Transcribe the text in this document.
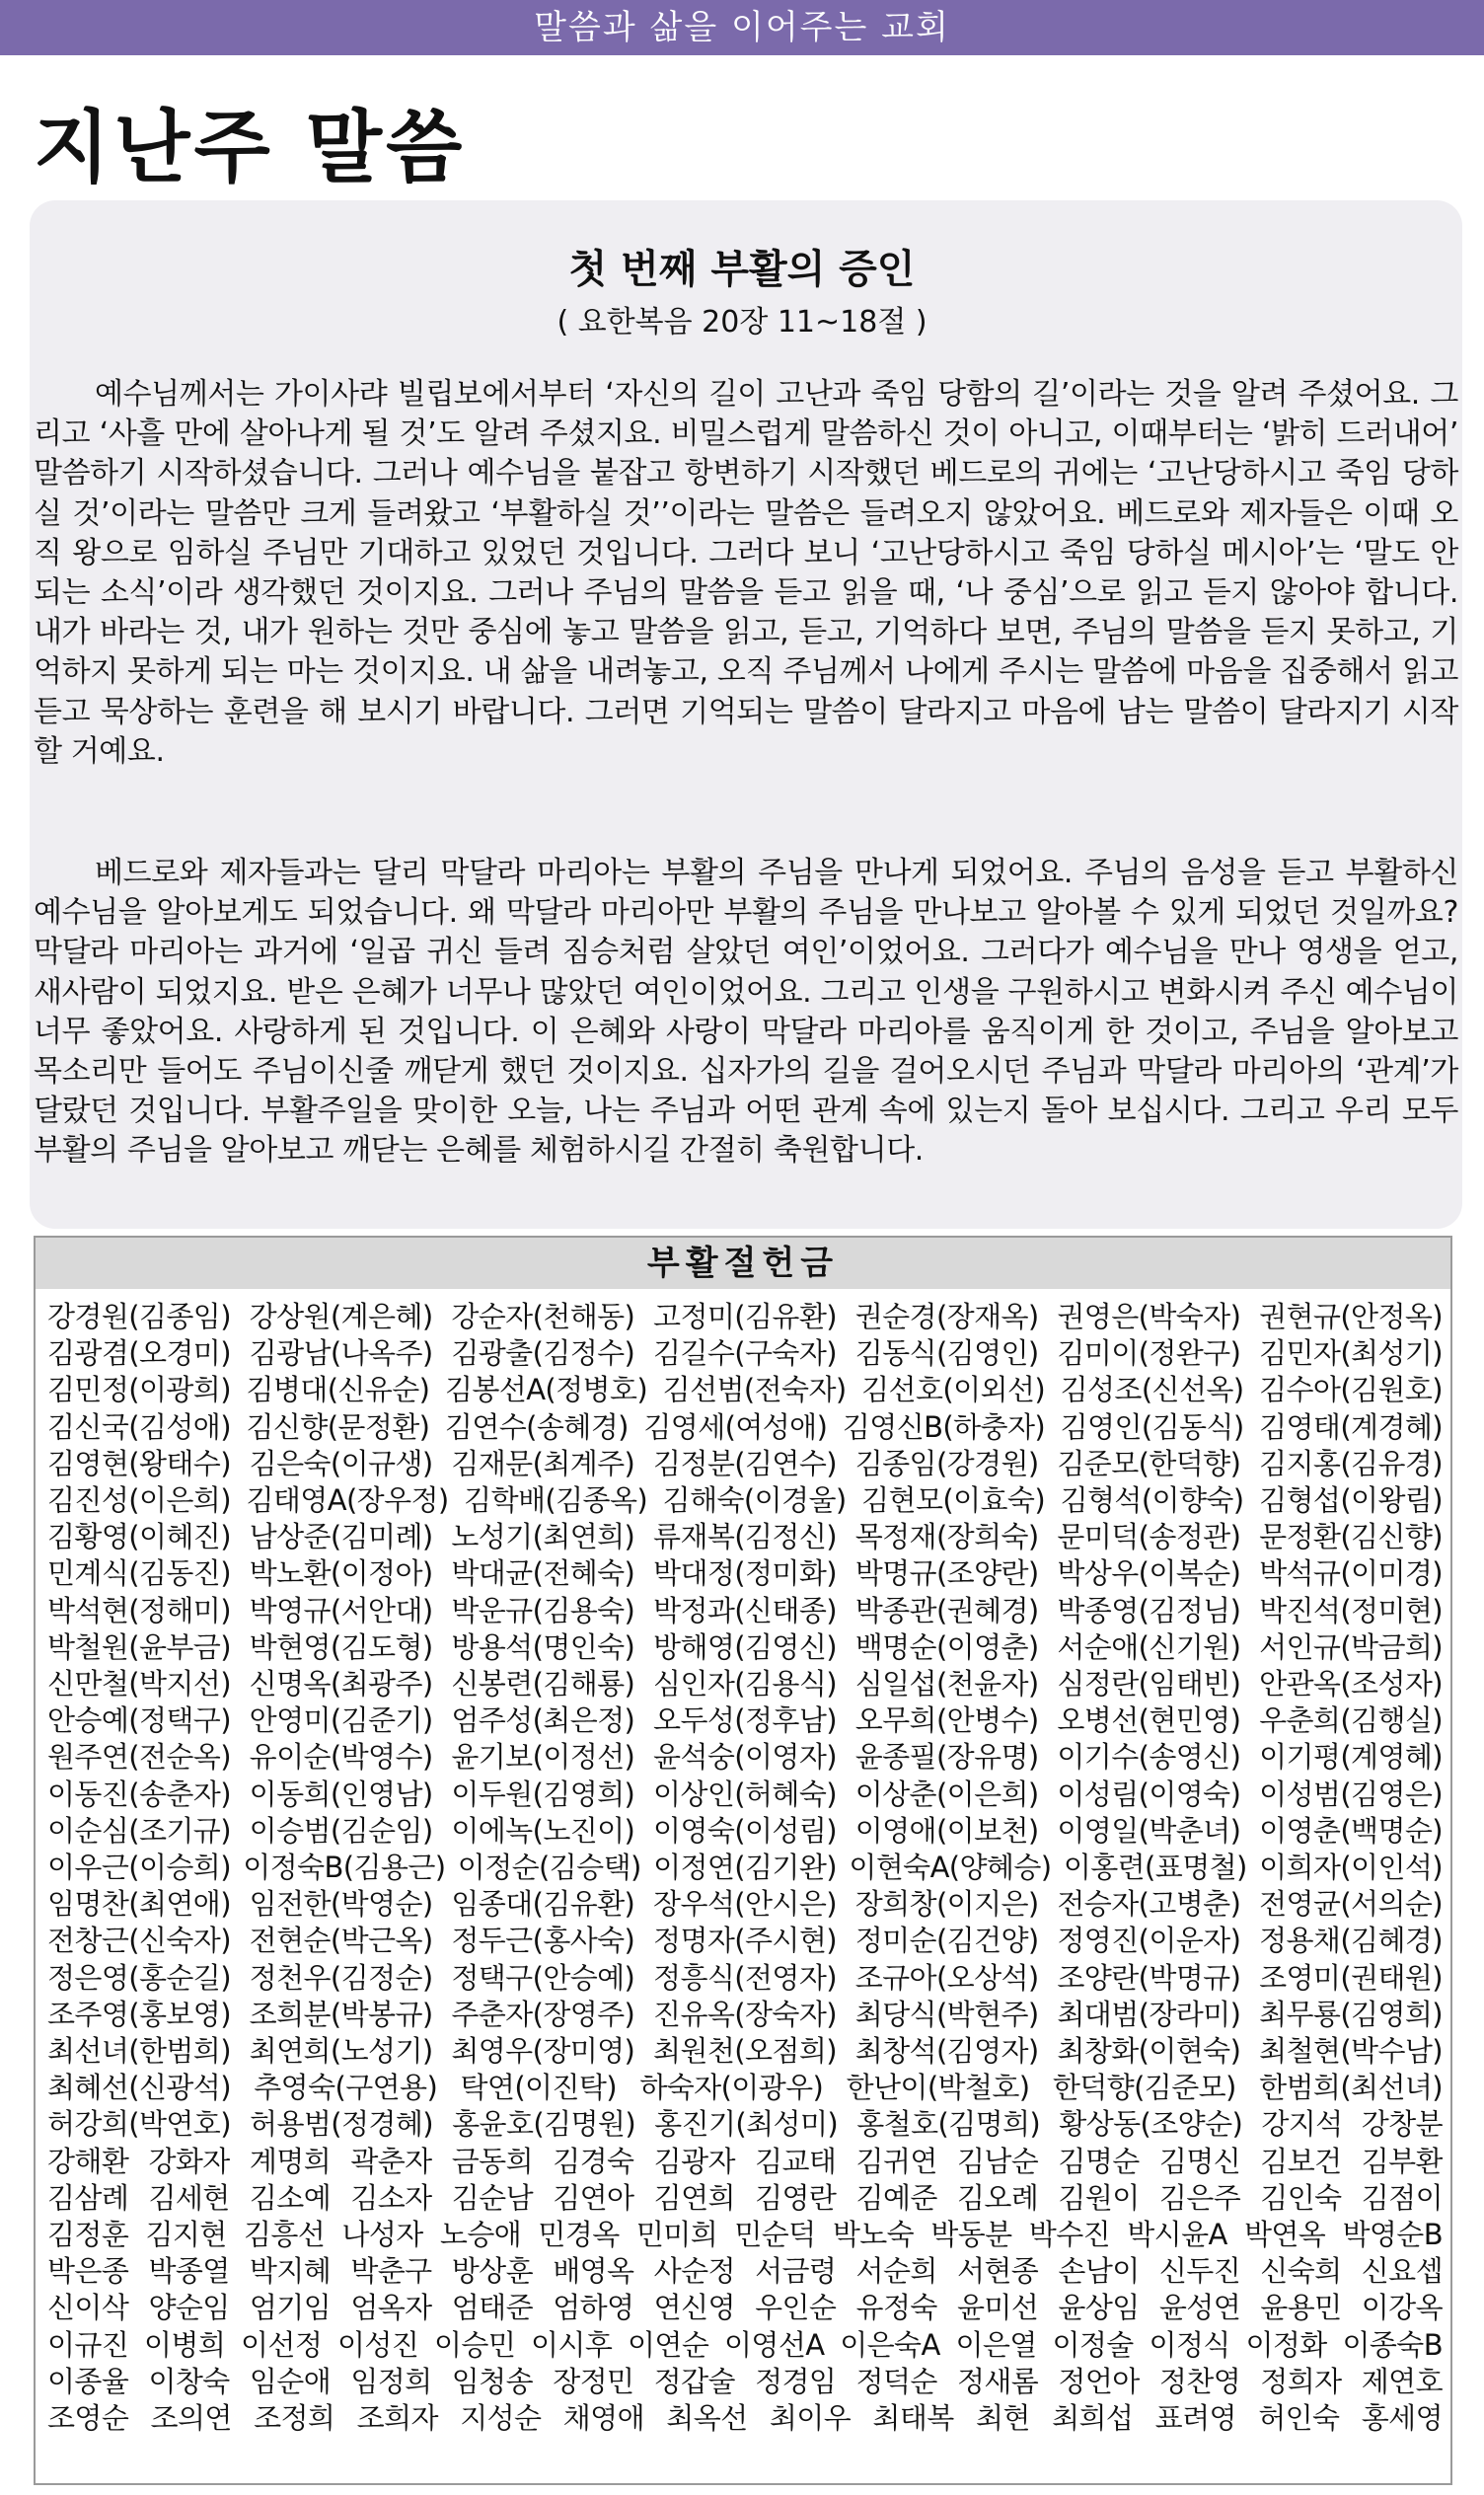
말씀과 삶을 이어주는 교회
지난주 말씀
첫 번째 부활의 증인
( 요한복음 20장 11~18절 )

예수님께서는 가이사랴 빌립보에서부터 ‘자신의 길이 고난과 죽임 당함의 길’이라는 것을 알려 주셨어요. 그리고 ‘사흘 만에 살아나게 될 것’도 알려 주셨지요. 비밀스럽게 말씀하신 것이 아니고, 이때부터는 ‘밝히 드러내어’ 말씀하기 시작하셨습니다. 그러나 예수님을 붙잡고 항변하기 시작했던 베드로의 귀에는 ‘고난당하시고 죽임 당하실 것’이라는 말씀만 크게 들려왔고 ‘부활하실 것’’이라는 말씀은 들려오지 않았어요. 베드로와 제자들은 이때 오직 왕으로 임하실 주님만 기대하고 있었던 것입니다. 그러다 보니 ‘고난당하시고 죽임 당하실 메시아’는 ‘말도 안되는 소식’이라 생각했던 것이지요. 그러나 주님의 말씀을 듣고 읽을 때, ‘나 중심’으로 읽고 듣지 않아야 합니다. 내가 바라는 것, 내가 원하는 것만 중심에 놓고 말씀을 읽고, 듣고, 기억하다 보면, 주님의 말씀을 듣지 못하고, 기억하지 못하게 되는 마는 것이지요. 내 삶을 내려놓고, 오직 주님께서 나에게 주시는 말씀에 마음을 집중해서 읽고 듣고 묵상하는 훈련을 해 보시기 바랍니다. 그러면 기억되는 말씀이 달라지고 마음에 남는 말씀이 달라지기 시작할 거예요.

베드로와 제자들과는 달리 막달라 마리아는 부활의 주님을 만나게 되었어요. 주님의 음성을 듣고 부활하신 예수님을 알아보게도 되었습니다. 왜 막달라 마리아만 부활의 주님을 만나보고 알아볼 수 있게 되었던 것일까요? 막달라 마리아는 과거에 ‘일곱 귀신 들려 짐승처럼 살았던 여인’이었어요. 그러다가 예수님을 만나 영생을 얻고, 새사람이 되었지요. 받은 은혜가 너무나 많았던 여인이었어요. 그리고 인생을 구원하시고 변화시켜 주신 예수님이 너무 좋았어요. 사랑하게 된 것입니다. 이 은혜와 사랑이 막달라 마리아를 움직이게 한 것이고, 주님을 알아보고 목소리만 들어도 주님이신줄 깨닫게 했던 것이지요. 십자가의 길을 걸어오시던 주님과 막달라 마리아의 ‘관계’가 달랐던 것입니다. 부활주일을 맞이한 오늘, 나는 주님과 어떤 관계 속에 있는지 돌아 보십시다. 그리고 우리 모두 부활의 주님을 알아보고 깨닫는 은혜를 체험하시길 간절히 축원합니다.

부활절헌금
강경원(김종임) 강상원(계은혜) 강순자(천해동) 고정미(김유환) 권순경(장재옥) 권영은(박숙자) 권현규(안정옥)
김광겸(오경미) 김광남(나옥주) 김광출(김정수) 김길수(구숙자) 김동식(김영인) 김미이(정완구) 김민자(최성기)
김민정(이광희) 김병대(신유순) 김봉선A(정병호) 김선범(전숙자) 김선호(이외선) 김성조(신선옥) 김수아(김원호)
김신국(김성애) 김신향(문정환) 김연수(송혜경) 김영세(여성애) 김영신B(하충자) 김영인(김동식) 김영태(계경혜)
김영현(왕태수) 김은숙(이규생) 김재문(최계주) 김정분(김연수) 김종임(강경원) 김준모(한덕향) 김지홍(김유경)
김진성(이은희) 김태영A(장우정) 김학배(김종옥) 김해숙(이경울) 김현모(이효숙) 김형석(이향숙) 김형섭(이왕림)
김황영(이혜진) 남상준(김미례) 노성기(최연희) 류재복(김정신) 목정재(장희숙) 문미덕(송정관) 문정환(김신향)
민계식(김동진) 박노환(이정아) 박대균(전혜숙) 박대정(정미화) 박명규(조양란) 박상우(이복순) 박석규(이미경)
박석현(정해미) 박영규(서안대) 박운규(김용숙) 박정과(신태종) 박종관(권혜경) 박종영(김정님) 박진석(정미현)
박철원(윤부금) 박현영(김도형) 방용석(명인숙) 방해영(김영신) 백명순(이영춘) 서순애(신기원) 서인규(박금희)
신만철(박지선) 신명옥(최광주) 신봉련(김해룡) 심인자(김용식) 심일섭(천윤자) 심정란(임태빈) 안관옥(조성자)
안승예(정택구) 안영미(김준기) 엄주성(최은정) 오두성(정후남) 오무희(안병수) 오병선(현민영) 우춘희(김행실)
원주연(전순옥) 유이순(박영수) 윤기보(이정선) 윤석숭(이영자) 윤종필(장유명) 이기수(송영신) 이기평(계영혜)
이동진(송춘자) 이동희(인영남) 이두원(김영희) 이상인(허혜숙) 이상춘(이은희) 이성림(이영숙) 이성범(김영은)
이순심(조기규) 이승범(김순임) 이에녹(노진이) 이영숙(이성림) 이영애(이보천) 이영일(박춘녀) 이영춘(백명순)
이우근(이승희) 이정숙B(김용근) 이정순(김승택) 이정연(김기완) 이현숙A(양혜승) 이홍련(표명철) 이희자(이인석)
임명찬(최연애) 임전한(박영순) 임종대(김유환) 장우석(안시은) 장희창(이지은) 전승자(고병춘) 전영균(서의순)
전창근(신숙자) 전현순(박근옥) 정두근(홍사숙) 정명자(주시현) 정미순(김건양) 정영진(이운자) 정용채(김혜경)
정은영(홍순길) 정천우(김정순) 정택구(안승예) 정흥식(전영자) 조규아(오상석) 조양란(박명규) 조영미(권태원)
조주영(홍보영) 조희분(박봉규) 주춘자(장영주) 진유옥(장숙자) 최당식(박현주) 최대범(장라미) 최무룡(김영희)
최선녀(한범희) 최연희(노성기) 최영우(장미영) 최원천(오점희) 최창석(김영자) 최창화(이현숙) 최철현(박수남)
최혜선(신광석) 추영숙(구연용) 탁연(이진탁) 하숙자(이광우) 한난이(박철호) 한덕향(김준모) 한범희(최선녀)
허강희(박연호) 허용범(정경혜) 홍윤호(김명원) 홍진기(최성미) 홍철호(김명희) 황상동(조양순) 강지석 강창분
강해환 강화자 계명희 곽춘자 금동희 김경숙 김광자 김교태 김귀연 김남순 김명순 김명신 김보건 김부환
김삼례 김세현 김소예 김소자 김순남 김연아 김연희 김영란 김예준 김오례 김원이 김은주 김인숙 김점이
김정훈 김지현 김흥선 나성자 노승애 민경옥 민미희 민순덕 박노숙 박동분 박수진 박시윤A 박연옥 박영순B
박은종 박종열 박지혜 박춘구 방상훈 배영옥 사순정 서금령 서순희 서현종 손남이 신두진 신숙희 신요셉
신이삭 양순임 엄기임 엄옥자 엄태준 엄하영 연신영 우인순 유정숙 윤미선 윤상임 윤성연 윤용민 이강옥
이규진 이병희 이선정 이성진 이승민 이시후 이연순 이영선A 이은숙A 이은열 이정술 이정식 이정화 이종숙B
이종율 이창숙 임순애 임정희 임청송 장정민 정갑술 정경임 정덕순 정새롬 정언아 정찬영 정희자 제연호
조영순 조의연 조정희 조희자 지성순 채영애 최옥선 최이우 최태복 최현 최희섭 표려영 허인숙 홍세영
